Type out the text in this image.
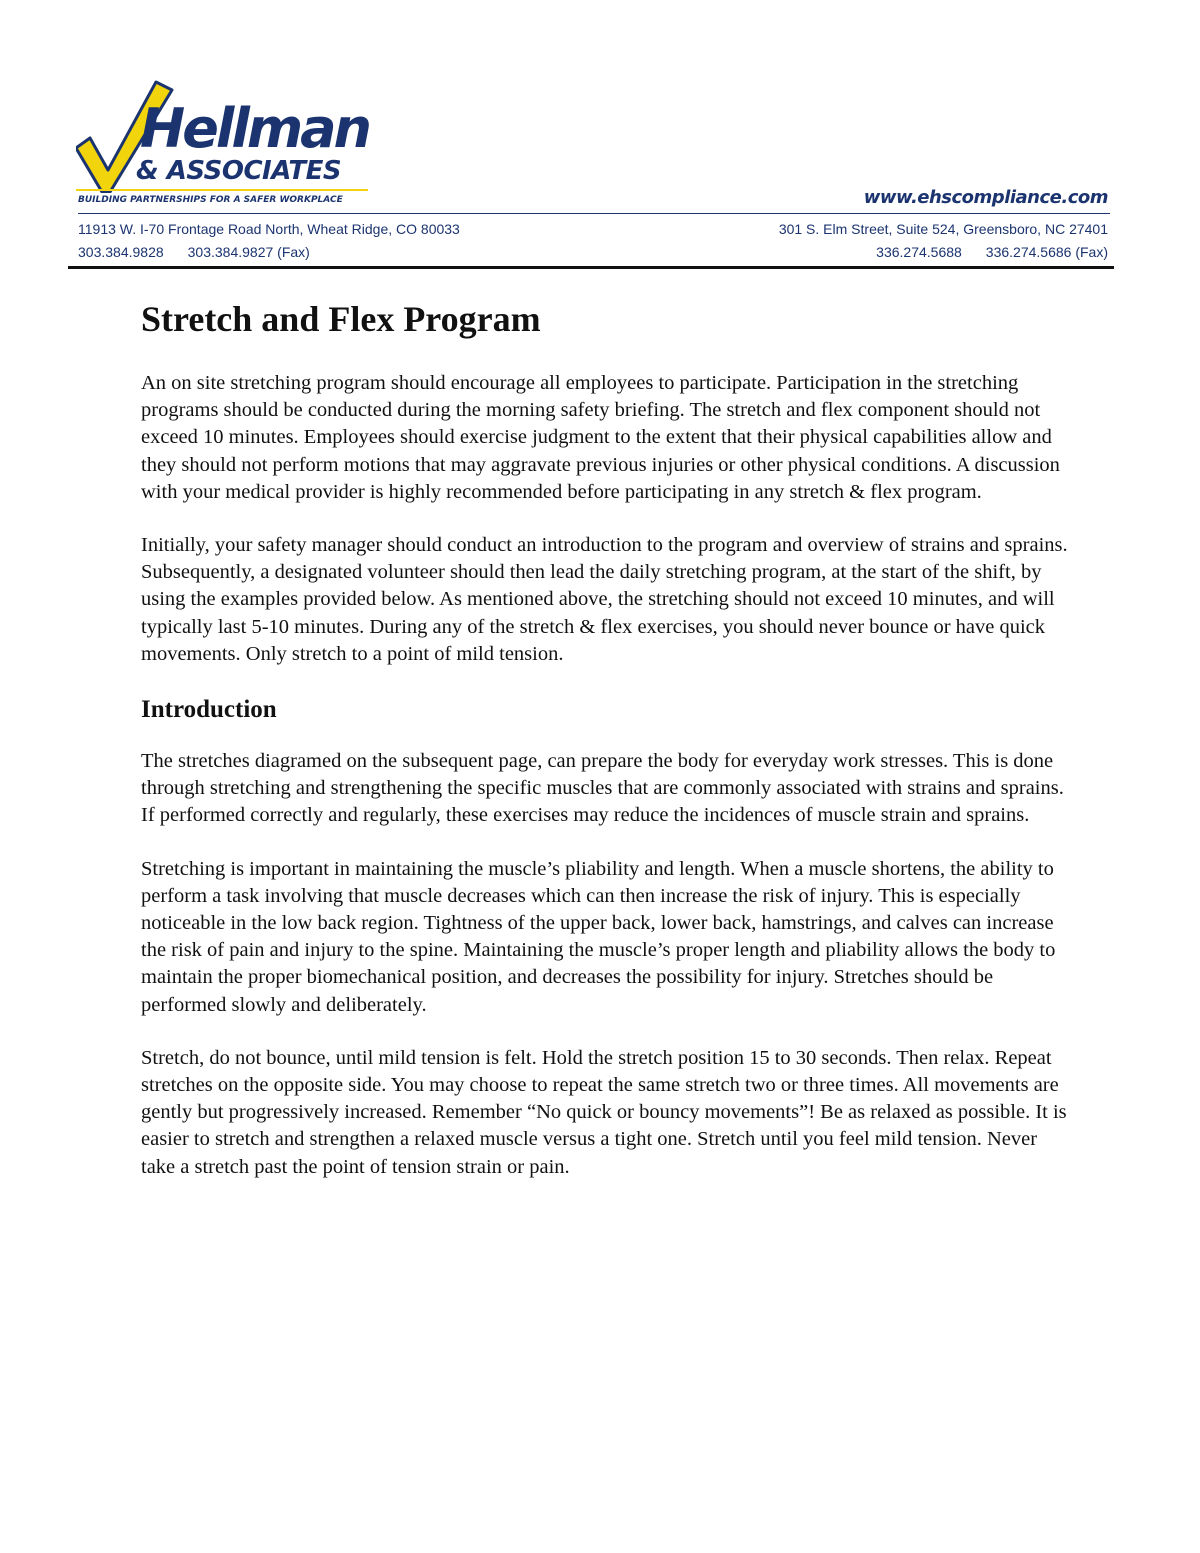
Hellman
& ASSOCIATES
BUILDING PARTNERSHIPS FOR A SAFER WORKPLACE	www.ehscompliance.com
11913 W. I-70 Frontage Road North, Wheat Ridge, CO 80033
303.384.9828 303.384.9827 (Fax)
301 S. Elm Street, Suite 524, Greensboro, NC 27401
336.274.5688 336.274.5686 (Fax)
Stretch and Flex Program

An on site stretching program should encourage all employees to participate. Participation in the stretching programs should be conducted during the morning safety briefing. The stretch and flex component should not exceed 10 minutes. Employees should exercise judgment to the extent that their physical capabilities allow and they should not perform motions that may aggravate previous injuries or other physical conditions. A discussion with your medical provider is highly recommended before participating in any stretch & flex program.

Initially, your safety manager should conduct an introduction to the program and overview of strains and sprains. Subsequently, a designated volunteer should then lead the daily stretching program, at the start of the shift, by using the examples provided below. As mentioned above, the stretching should not exceed 10 minutes, and will typically last 5-10 minutes. During any of the stretch & flex exercises, you should never bounce or have quick movements. Only stretch to a point of mild tension.

Introduction

The stretches diagramed on the subsequent page, can prepare the body for everyday work stresses. This is done through stretching and strengthening the specific muscles that are commonly associated with strains and sprains. If performed correctly and regularly, these exercises may reduce the incidences of muscle strain and sprains.

Stretching is important in maintaining the muscle’s pliability and length. When a muscle shortens, the ability to perform a task involving that muscle decreases which can then increase the risk of injury. This is especially noticeable in the low back region. Tightness of the upper back, lower back, hamstrings, and calves can increase the risk of pain and injury to the spine. Maintaining the muscle’s proper length and pliability allows the body to maintain the proper biomechanical position, and decreases the possibility for injury. Stretches should be performed slowly and deliberately.

Stretch, do not bounce, until mild tension is felt. Hold the stretch position 15 to 30 seconds. Then relax. Repeat stretches on the opposite side. You may choose to repeat the same stretch two or three times. All movements are gently but progressively increased. Remember “No quick or bouncy movements”! Be as relaxed as possible. It is easier to stretch and strengthen a relaxed muscle versus a tight one. Stretch until you feel mild tension. Never take a stretch past the point of tension strain or pain.
